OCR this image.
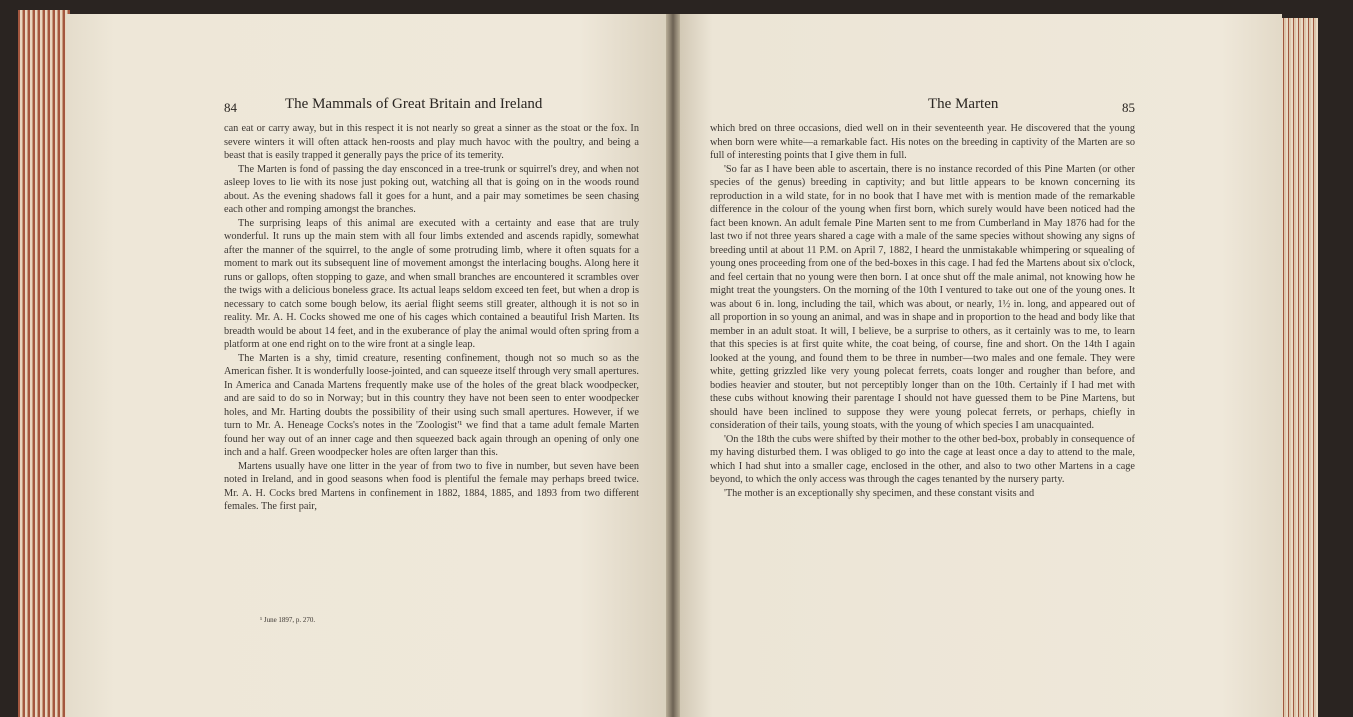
84	The Mammals of Great Britain and Ireland

can eat or carry away, but in this respect it is not nearly so great a sinner as the stoat or the fox. In severe winters it will often attack hen-roosts and play much havoc with the poultry, and being a beast that is easily trapped it generally pays the price of its temerity.

The Marten is fond of passing the day ensconced in a tree-trunk or squirrel's drey, and when not asleep loves to lie with its nose just poking out, watching all that is going on in the woods round about. As the evening shadows fall it goes for a hunt, and a pair may sometimes be seen chasing each other and romping amongst the branches.

The surprising leaps of this animal are executed with a certainty and ease that are truly wonderful. It runs up the main stem with all four limbs extended and ascends rapidly, somewhat after the manner of the squirrel, to the angle of some protruding limb, where it often squats for a moment to mark out its subsequent line of movement amongst the interlacing boughs. Along here it runs or gallops, often stopping to gaze, and when small branches are encountered it scrambles over the twigs with a delicious boneless grace. Its actual leaps seldom exceed ten feet, but when a drop is necessary to catch some bough below, its aerial flight seems still greater, although it is not so in reality. Mr. A. H. Cocks showed me one of his cages which contained a beautiful Irish Marten. Its breadth would be about 14 feet, and in the exuberance of play the animal would often spring from a platform at one end right on to the wire front at a single leap.

The Marten is a shy, timid creature, resenting confinement, though not so much so as the American fisher. It is wonderfully loose-jointed, and can squeeze itself through very small apertures. In America and Canada Martens frequently make use of the holes of the great black woodpecker, and are said to do so in Norway; but in this country they have not been seen to enter woodpecker holes, and Mr. Harting doubts the possibility of their using such small apertures. However, if we turn to Mr. A. Heneage Cocks's notes in the 'Zoologist'¹ we find that a tame adult female Marten found her way out of an inner cage and then squeezed back again through an opening of only one inch and a half. Green woodpecker holes are often larger than this.

Martens usually have one litter in the year of from two to five in number, but seven have been noted in Ireland, and in good seasons when food is plentiful the female may perhaps breed twice. Mr. A. H. Cocks bred Martens in confinement in 1882, 1884, 1885, and 1893 from two different females. The first pair,

¹ June 1897, p. 270.
The Marten	85

which bred on three occasions, died well on in their seventeenth year. He discovered that the young when born were white—a remarkable fact. His notes on the breeding in captivity of the Marten are so full of interesting points that I give them in full.

'So far as I have been able to ascertain, there is no instance recorded of this Pine Marten (or other species of the genus) breeding in captivity; and but little appears to be known concerning its reproduction in a wild state, for in no book that I have met with is mention made of the remarkable difference in the colour of the young when first born, which surely would have been noticed had the fact been known. An adult female Pine Marten sent to me from Cumberland in May 1876 had for the last two if not three years shared a cage with a male of the same species without showing any signs of breeding until at about 11 P.M. on April 7, 1882, I heard the unmistakable whimpering or squealing of young ones proceeding from one of the bed-boxes in this cage. I had fed the Martens about six o'clock, and feel certain that no young were then born. I at once shut off the male animal, not knowing how he might treat the youngsters. On the morning of the 10th I ventured to take out one of the young ones. It was about 6 in. long, including the tail, which was about, or nearly, 1½ in. long, and appeared out of all proportion in so young an animal, and was in shape and in proportion to the head and body like that member in an adult stoat. It will, I believe, be a surprise to others, as it certainly was to me, to learn that this species is at first quite white, the coat being, of course, fine and short. On the 14th I again looked at the young, and found them to be three in number—two males and one female. They were white, getting grizzled like very young polecat ferrets, coats longer and rougher than before, and bodies heavier and stouter, but not perceptibly longer than on the 10th. Certainly if I had met with these cubs without knowing their parentage I should not have guessed them to be Pine Martens, but should have been inclined to suppose they were young polecat ferrets, or perhaps, chiefly in consideration of their tails, young stoats, with the young of which species I am unacquainted.

'On the 18th the cubs were shifted by their mother to the other bed-box, probably in consequence of my having disturbed them. I was obliged to go into the cage at least once a day to attend to the male, which I had shut into a smaller cage, enclosed in the other, and also to two other Martens in a cage beyond, to which the only access was through the cages tenanted by the nursery party.

'The mother is an exceptionally shy specimen, and these constant visits and
